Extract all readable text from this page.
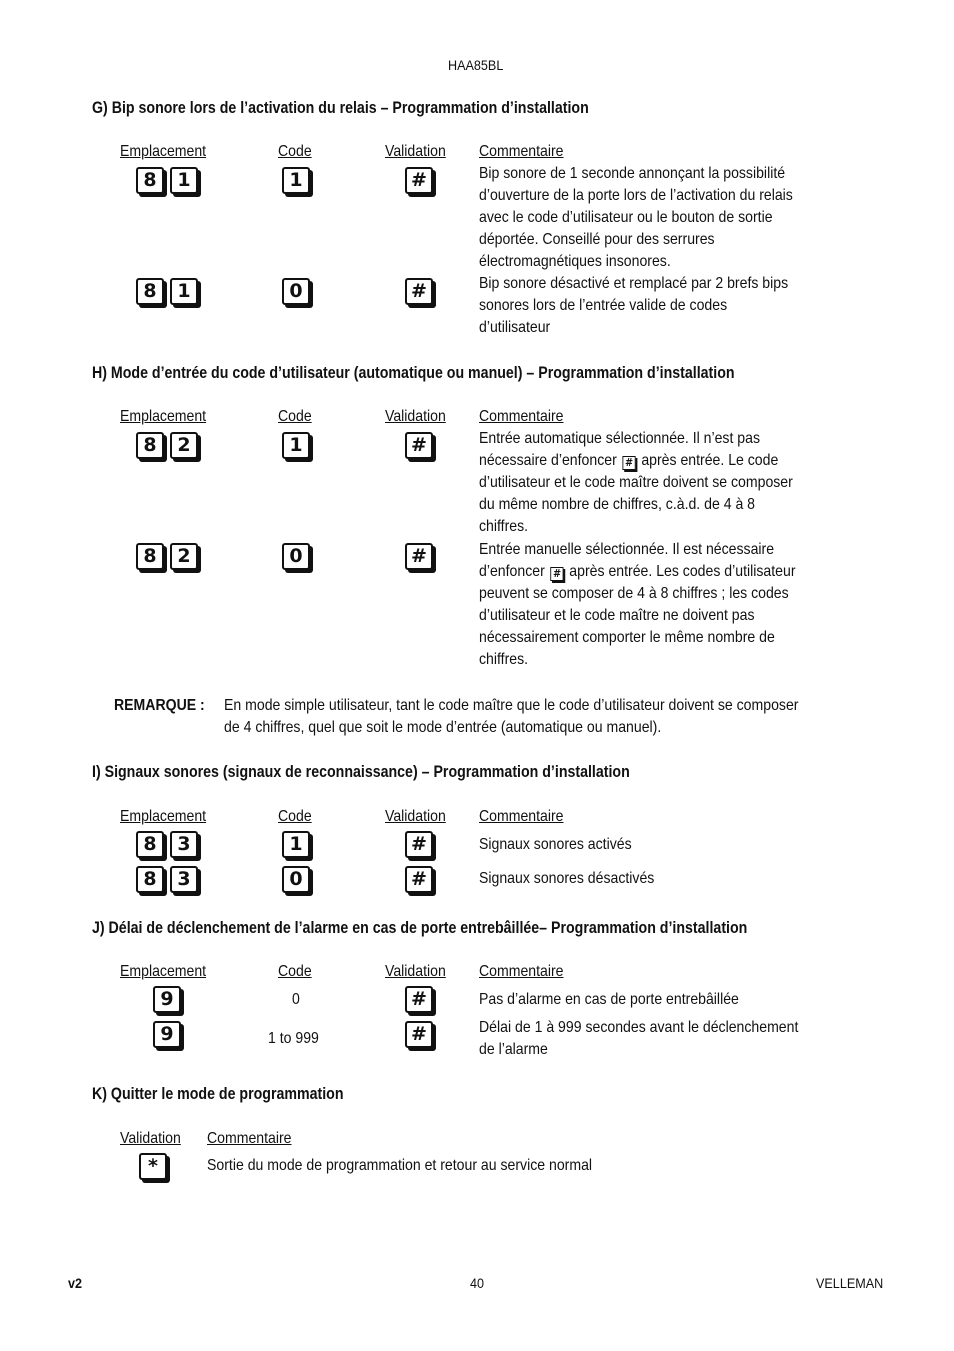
HAA85BL
G) Bip sonore lors de l’activation du relais – Programmation d’installation
Emplacement	Code	Validation Commentaire
8	1	1	#	Bip sonore de 1 seconde annonçant la possibilité
d’ouverture de la porte lors de l’activation du relais
avec le code d’utilisateur ou le bouton de sortie
déportée. Conseillé pour des serrures
électromagnétiques insonores.
8	1	0	#	Bip sonore désactivé et remplacé par 2 brefs bips
sonores lors de l’entrée valide de codes
d’utilisateur
H) Mode d’entrée du code d’utilisateur (automatique ou manuel) – Programmation d’installation
Emplacement	Code	Validation Commentaire
8	2	1	#	Entrée automatique sélectionnée. Il n’est pas
nécessaire d’enfoncer # après entrée. Le code
d’utilisateur et le code maître doivent se composer
du même nombre de chiffres, c.à.d. de 4 à 8
chiffres.
8	2	0	#	Entrée manuelle sélectionnée. Il est nécessaire
d’enfoncer # après entrée. Les codes d’utilisateur
peuvent se composer de 4 à 8 chiffres ; les codes
d’utilisateur et le code maître ne doivent pas
nécessairement comporter le même nombre de
chiffres.
REMARQUE : En mode simple utilisateur, tant le code maître que le code d’utilisateur doivent se composer
de 4 chiffres, quel que soit le mode d’entrée (automatique ou manuel).
I) Signaux sonores (signaux de reconnaissance) – Programmation d’installation
Emplacement	Code	Validation Commentaire
8	3	1	#	Signaux sonores activés
8	3	0	#	Signaux sonores désactivés
J) Délai de déclenchement de l’alarme en cas de porte entrebâillée– Programmation d’installation
Emplacement	Code	Validation Commentaire
9	0	#	Pas d’alarme en cas de porte entrebâillée
9	1 to 999	#	Délai de 1 à 999 secondes avant le déclenchement
de l’alarme
K) Quitter le mode de programmation
Validation Commentaire
*	Sortie du mode de programmation et retour au service normal
v2	40	VELLEMAN
